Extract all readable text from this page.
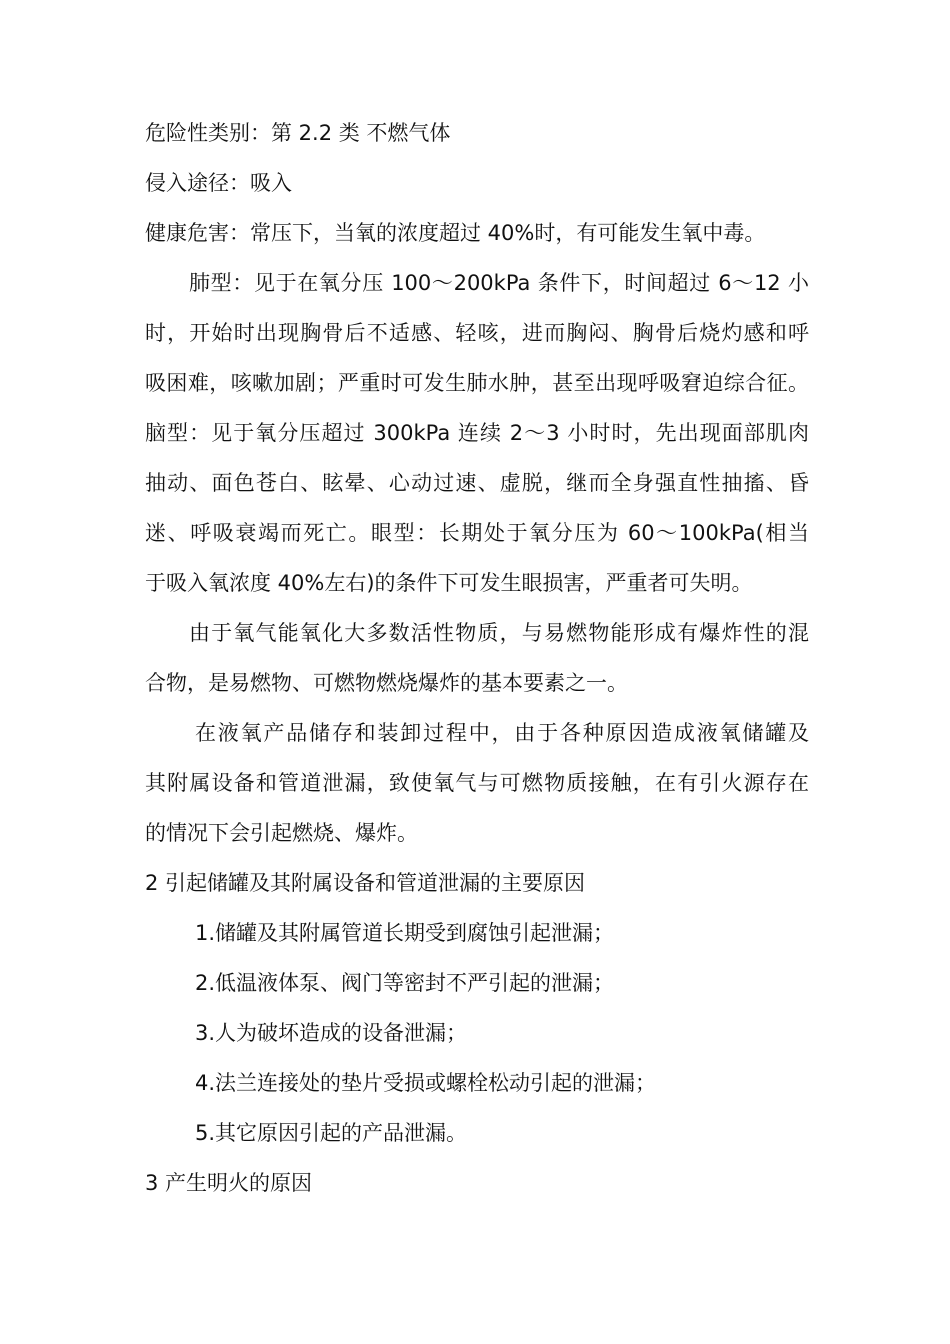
危险性类别：第 2.2 类 不燃气体
侵入途径：吸入
健康危害：常压下，当氧的浓度超过 40%时，有可能发生氧中毒。
肺型：见于在氧分压 100～200kPa 条件下，时间超过 6～12 小
时，开始时出现胸骨后不适感、轻咳，进而胸闷、胸骨后烧灼感和呼
吸困难，咳嗽加剧；严重时可发生肺水肿，甚至出现呼吸窘迫综合征。
脑型：见于氧分压超过 300kPa 连续 2～3 小时时，先出现面部肌肉
抽动、面色苍白、眩晕、心动过速、虚脱，继而全身强直性抽搐、昏
迷、呼吸衰竭而死亡。眼型：长期处于氧分压为 60～100kPa(相当
于吸入氧浓度 40%左右)的条件下可发生眼损害，严重者可失明。
由于氧气能氧化大多数活性物质，与易燃物能形成有爆炸性的混
合物，是易燃物、可燃物燃烧爆炸的基本要素之一。
在液氧产品储存和装卸过程中，由于各种原因造成液氧储罐及
其附属设备和管道泄漏，致使氧气与可燃物质接触，在有引火源存在
的情况下会引起燃烧、爆炸。
2 引起储罐及其附属设备和管道泄漏的主要原因
1.储罐及其附属管道长期受到腐蚀引起泄漏；
2.低温液体泵、阀门等密封不严引起的泄漏；
3.人为破坏造成的设备泄漏；
4.法兰连接处的垫片受损或螺栓松动引起的泄漏；
5.其它原因引起的产品泄漏。
3 产生明火的原因
